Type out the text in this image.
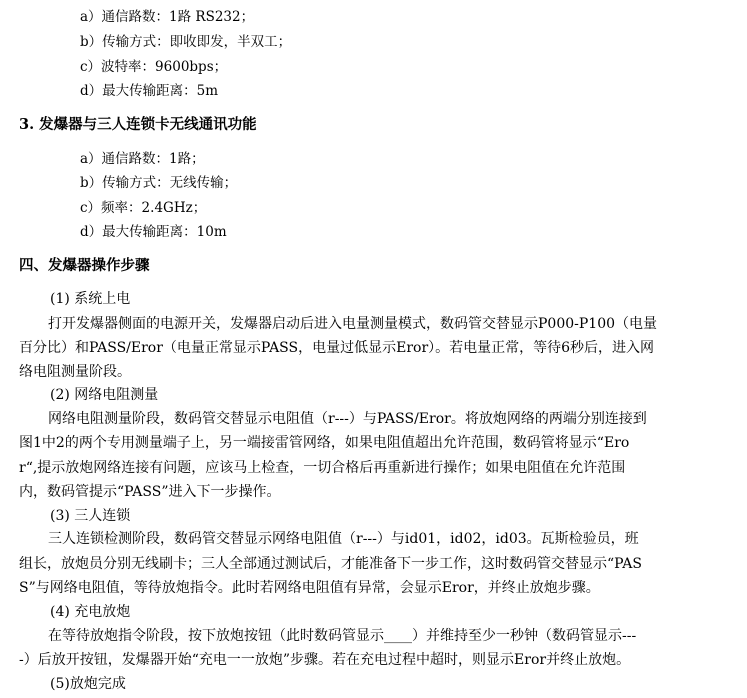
a）通信路数：1路 RS232；
b）传输方式：即收即发，半双工；
c）波特率：9600bps；
d）最大传输距离：5m
3. 发爆器与三人连锁卡无线通讯功能
a）通信路数：1路；
b）传输方式：无线传输；
c）频率：2.4GHz；
d）最大传输距离：10m
四、发爆器操作步骤
(1) 系统上电
打开发爆器侧面的电源开关，发爆器启动后进入电量测量模式，数码管交替显示P000-P100（电量
百分比）和PASS/Eror（电量正常显示PASS，电量过低显示Eror）。若电量正常，等待6秒后，进入网
络电阻测量阶段。
(2) 网络电阻测量
网络电阻测量阶段，数码管交替显示电阻值（r---）与PASS/Eror。将放炮网络的两端分别连接到
图1中2的两个专用测量端子上，另一端接雷管网络，如果电阻值超出允许范围，数码管将显示“Ero
r“,提示放炮网络连接有问题，应该马上检查，一切合格后再重新进行操作；如果电阻值在允许范围
内，数码管提示“PASS”进入下一步操作。
(3) 三人连锁
三人连锁检测阶段，数码管交替显示网络电阻值（r---）与id01，id02，id03。瓦斯检验员，班
组长，放炮员分别无线刷卡；三人全部通过测试后，才能准备下一步工作，这时数码管交替显示“PAS
S”与网络电阻值，等待放炮指令。此时若网络电阻值有异常，会显示Eror，并终止放炮步骤。
(4) 充电放炮
在等待放炮指令阶段，按下放炮按钮（此时数码管显示____）并维持至少一秒钟（数码管显示---
-）后放开按钮，发爆器开始“充电一一放炮”步骤。若在充电过程中超时，则显示Eror并终止放炮。
(5)放炮完成
